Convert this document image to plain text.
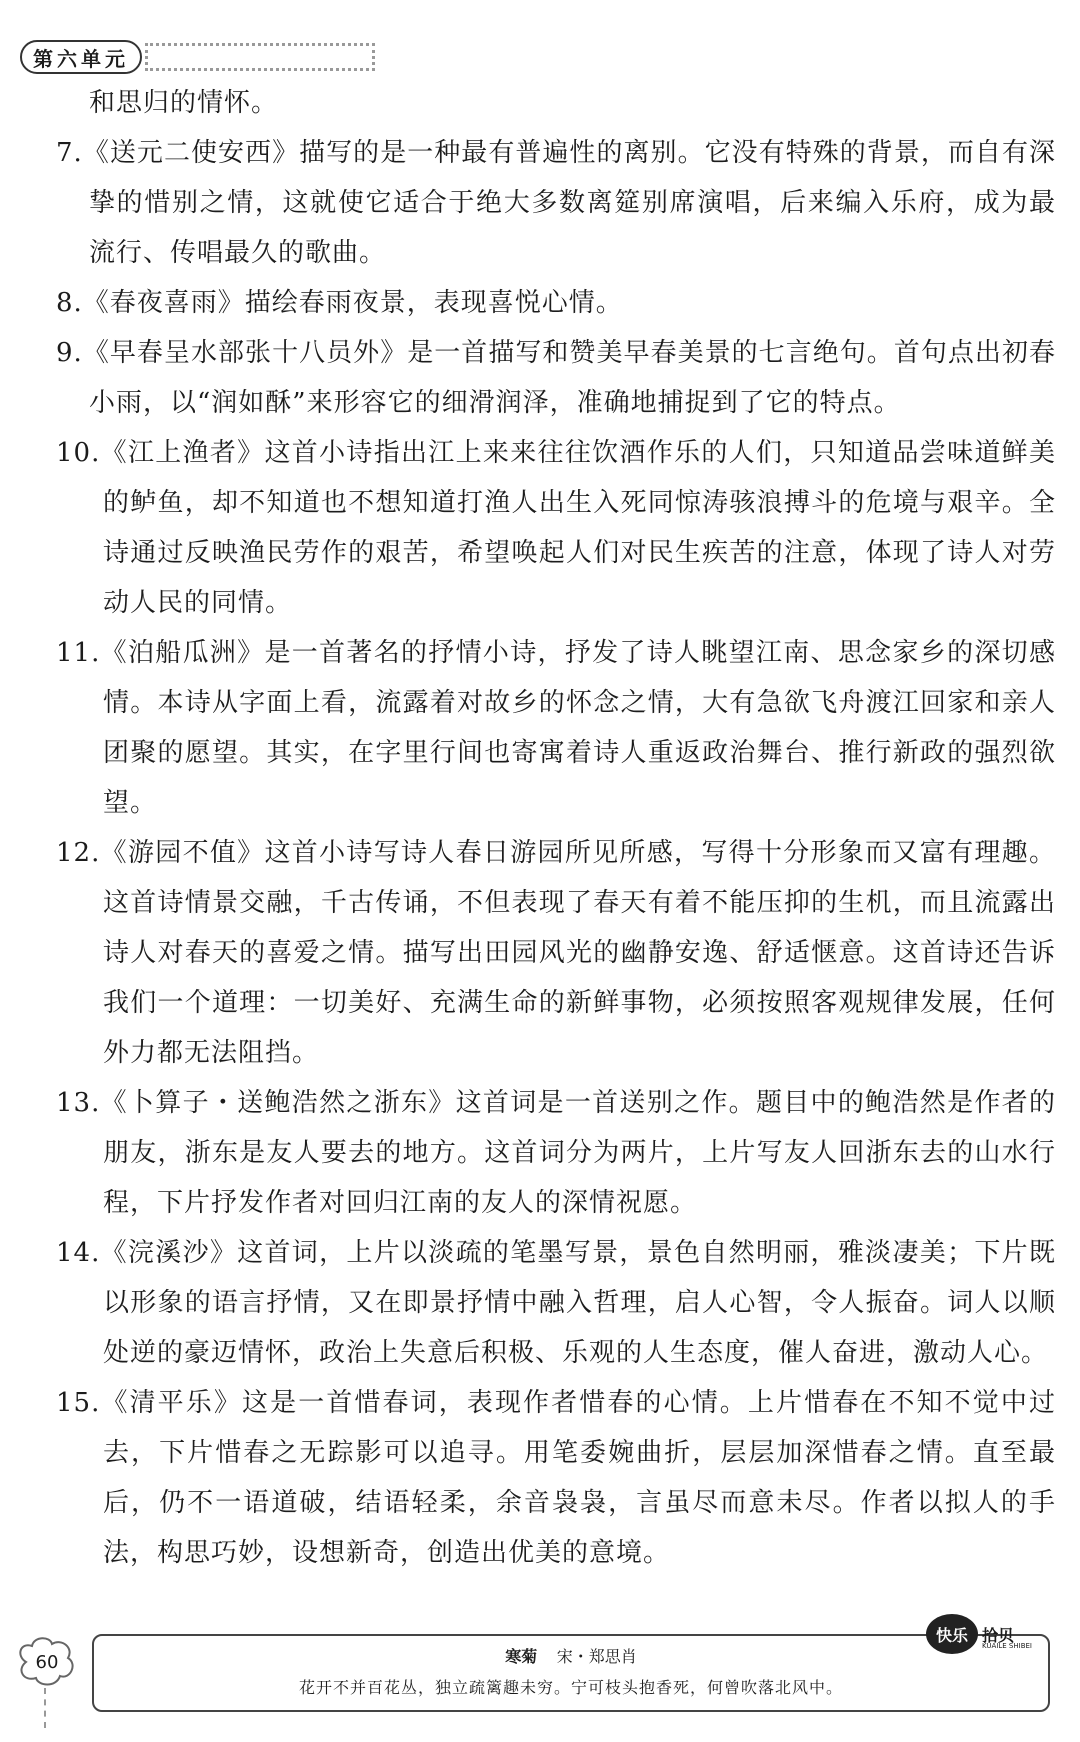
第六单元

和思归的情怀。

7.《送元二使安西》描写的是一种最有普遍性的离别。它没有特殊的背景，而自有深挚的惜别之情，这就使它适合于绝大多数离筵别席演唱，后来编入乐府，成为最流行、传唱最久的歌曲。

8.《春夜喜雨》描绘春雨夜景，表现喜悦心情。

9.《早春呈水部张十八员外》是一首描写和赞美早春美景的七言绝句。首句点出初春小雨，以“润如酥”来形容它的细滑润泽，准确地捕捉到了它的特点。

10.《江上渔者》这首小诗指出江上来来往往饮酒作乐的人们，只知道品尝味道鲜美的鲈鱼，却不知道也不想知道打渔人出生入死同惊涛骇浪搏斗的危境与艰辛。全诗通过反映渔民劳作的艰苦，希望唤起人们对民生疾苦的注意，体现了诗人对劳动人民的同情。

11.《泊船瓜洲》是一首著名的抒情小诗，抒发了诗人眺望江南、思念家乡的深切感情。本诗从字面上看，流露着对故乡的怀念之情，大有急欲飞舟渡江回家和亲人团聚的愿望。其实，在字里行间也寄寓着诗人重返政治舞台、推行新政的强烈欲望。

12.《游园不值》这首小诗写诗人春日游园所见所感，写得十分形象而又富有理趣。这首诗情景交融，千古传诵，不但表现了春天有着不能压抑的生机，而且流露出诗人对春天的喜爱之情。描写出田园风光的幽静安逸、舒适惬意。这首诗还告诉我们一个道理：一切美好、充满生命的新鲜事物，必须按照客观规律发展，任何外力都无法阻挡。

13.《卜算子・送鲍浩然之浙东》这首词是一首送别之作。题目中的鲍浩然是作者的朋友，浙东是友人要去的地方。这首词分为两片，上片写友人回浙东去的山水行程，下片抒发作者对回归江南的友人的深情祝愿。

14.《浣溪沙》这首词，上片以淡疏的笔墨写景，景色自然明丽，雅淡凄美；下片既以形象的语言抒情，又在即景抒情中融入哲理，启人心智，令人振奋。词人以顺处逆的豪迈情怀，政治上失意后积极、乐观的人生态度，催人奋进，激动人心。

15.《清平乐》这是一首惜春词，表现作者惜春的心情。上片惜春在不知不觉中过去，下片惜春之无踪影可以追寻。用笔委婉曲折，层层加深惜春之情。直至最后，仍不一语道破，结语轻柔，余音袅袅，言虽尽而意未尽。作者以拟人的手法，构思巧妙，设想新奇，创造出优美的意境。

60	寒菊 宋・郑思肖
花开不并百花丛，独立疏篱趣未穷。宁可枝头抱香死，何曾吹落北风中。
快乐 拾贝
KUAILE SHIBEI
